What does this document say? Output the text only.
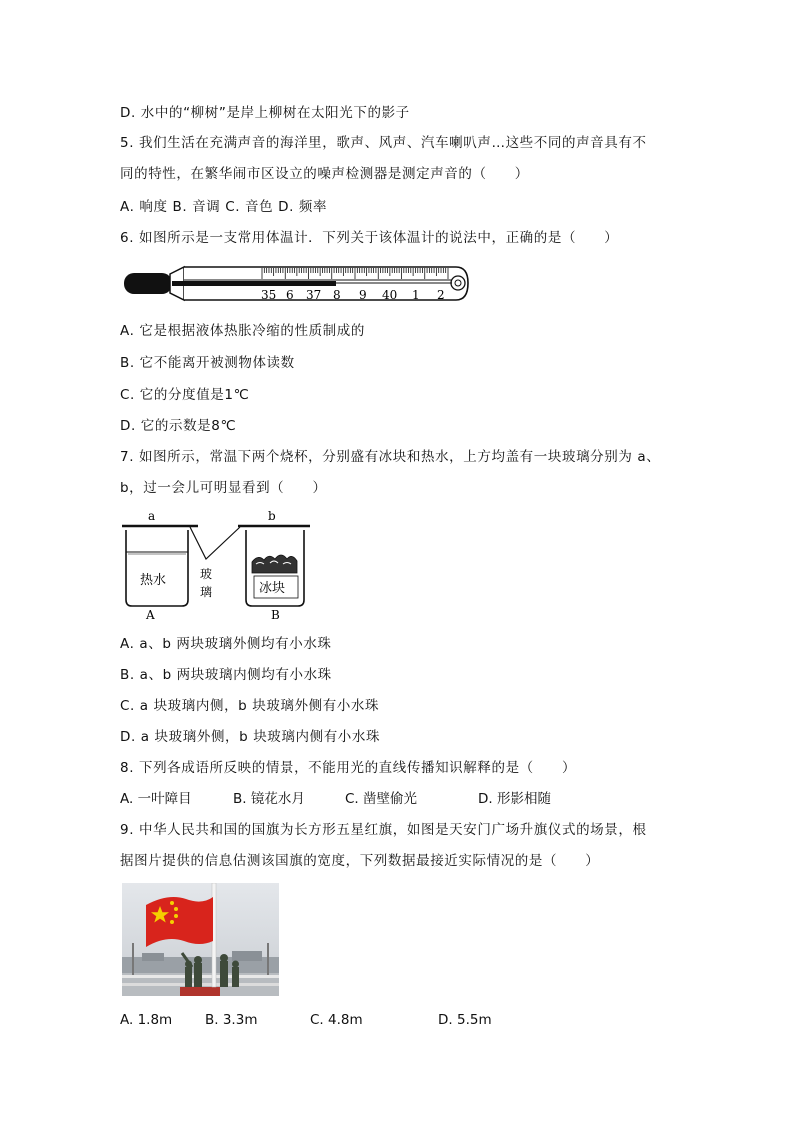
D. 水中的“柳树”是岸上柳树在太阳光下的影子
5. 我们生活在充满声音的海洋里，歌声、风声、汽车喇叭声…这些不同的声音具有不
同的特性，在繁华闹市区设立的噪声检测器是测定声音的（　　）
A. 响度 B. 音调 C. 音色 D. 频率
6. 如图所示是一支常用体温计．下列关于该体温计的说法中，正确的是（　　）
35 6 37 8 9 40 1 2
A. 它是根据液体热胀冷缩的性质制成的
B. 它不能离开被测物体读数
C. 它的分度值是1℃
D. 它的示数是8℃
7. 如图所示，常温下两个烧杯，分别盛有冰块和热水，上方均盖有一块玻璃分别为 a、
b，过一会儿可明显看到（　　）
a	b
热水
A
玻
璃	冰块
B
A. a、b 两块玻璃外侧均有小水珠
B. a、b 两块玻璃内侧均有小水珠
C. a 块玻璃内侧，b 块玻璃外侧有小水珠
D. a 块玻璃外侧，b 块玻璃内侧有小水珠
8. 下列各成语所反映的情景，不能用光的直线传播知识解释的是（　　）
A. 一叶障目	B. 镜花水月	C. 凿壁偷光	D. 形影相随
9. 中华人民共和国的国旗为长方形五星红旗，如图是天安门广场升旗仪式的场景，根
据图片提供的信息估测该国旗的宽度，下列数据最接近实际情况的是（　　）
A. 1.8m B. 3.3m	C. 4.8m	D. 5.5m
